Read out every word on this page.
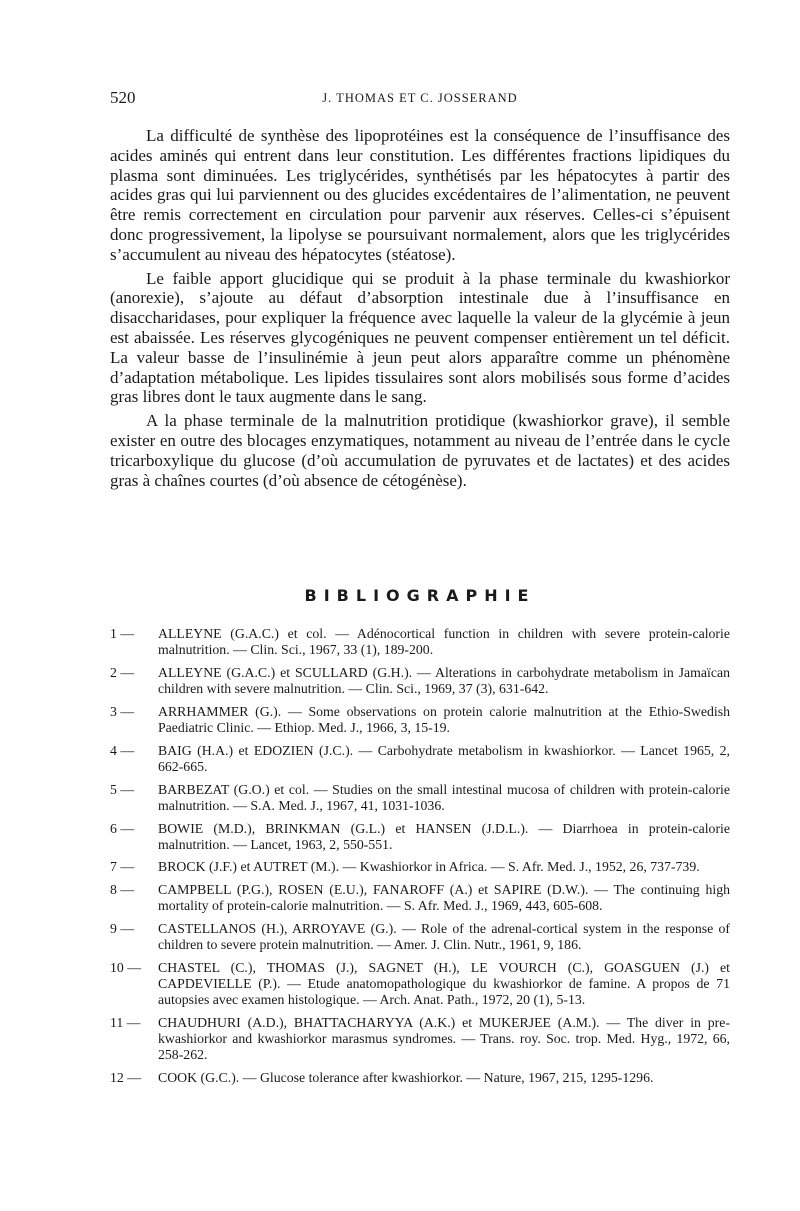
520	J. THOMAS ET C. JOSSERAND

La difficulté de synthèse des lipoprotéines est la conséquence de l’insuffisance des acides aminés qui entrent dans leur constitution. Les différentes fractions lipidiques du plasma sont diminuées. Les triglycérides, synthétisés par les hépatocytes à partir des acides gras qui lui parviennent ou des glucides excédentaires de l’alimentation, ne peuvent être remis correctement en circulation pour parvenir aux réserves. Celles-ci s’épuisent donc progressivement, la lipolyse se poursuivant normalement, alors que les triglycérides s’accumulent au niveau des hépatocytes (stéatose).

Le faible apport glucidique qui se produit à la phase terminale du kwashiorkor (anorexie), s’ajoute au défaut d’absorption intestinale due à l’insuffisance en disaccharidases, pour expliquer la fréquence avec laquelle la valeur de la glycémie à jeun est abaissée. Les réserves glycogéniques ne peuvent compenser entièrement un tel déficit. La valeur basse de l’insulinémie à jeun peut alors apparaître comme un phénomène d’adaptation métabolique. Les lipides tissulaires sont alors mobilisés sous forme d’acides gras libres dont le taux augmente dans le sang.

A la phase terminale de la malnutrition protidique (kwashiorkor grave), il semble exister en outre des blocages enzymatiques, notamment au niveau de l’entrée dans le cycle tricarboxylique du glucose (d’où accumulation de pyruvates et de lactates) et des acides gras à chaînes courtes (d’où absence de cétogénèse).

BIBLIOGRAPHIE
1 —	ALLEYNE (G.A.C.) et col. — Adénocortical function in children with severe protein-calorie malnutrition. — Clin. Sci., 1967, 33 (1), 189-200.
2 —	ALLEYNE (G.A.C.) et SCULLARD (G.H.). — Alterations in carbohydrate metabolism in Jamaïcan children with severe malnutrition. — Clin. Sci., 1969, 37 (3), 631-642.
3 —	ARRHAMMER (G.). — Some observations on protein calorie malnutrition at the Ethio-Swedish Paediatric Clinic. — Ethiop. Med. J., 1966, 3, 15-19.
4 —	BAIG (H.A.) et EDOZIEN (J.C.). — Carbohydrate metabolism in kwashiorkor. — Lancet 1965, 2, 662-665.
5 —	BARBEZAT (G.O.) et col. — Studies on the small intestinal mucosa of children with protein-calorie malnutrition. — S.A. Med. J., 1967, 41, 1031-1036.
6 —	BOWIE (M.D.), BRINKMAN (G.L.) et HANSEN (J.D.L.). — Diarrhoea in protein-calorie malnutrition. — Lancet, 1963, 2, 550-551.
7 —	BROCK (J.F.) et AUTRET (M.). — Kwashiorkor in Africa. — S. Afr. Med. J., 1952, 26, 737-739.
8 —	CAMPBELL (P.G.), ROSEN (E.U.), FANAROFF (A.) et SAPIRE (D.W.). — The continuing high mortality of protein-calorie malnutrition. — S. Afr. Med. J., 1969, 443, 605-608.
9 —	CASTELLANOS (H.), ARROYAVE (G.). — Role of the adrenal-cortical system in the response of children to severe protein malnutrition. — Amer. J. Clin. Nutr., 1961, 9, 186.
10 —	CHASTEL (C.), THOMAS (J.), SAGNET (H.), LE VOURCH (C.), GOASGUEN (J.) et CAPDEVIELLE (P.). — Etude anatomopathologique du kwashiorkor de famine. A propos de 71 autopsies avec examen histologique. — Arch. Anat. Path., 1972, 20 (1), 5-13.
11 —	CHAUDHURI (A.D.), BHATTACHARYYA (A.K.) et MUKERJEE (A.M.). — The diver in pre-kwashiorkor and kwashiorkor marasmus syndromes. — Trans. roy. Soc. trop. Med. Hyg., 1972, 66, 258-262.
12 —	COOK (G.C.). — Glucose tolerance after kwashiorkor. — Nature, 1967, 215, 1295-1296.
